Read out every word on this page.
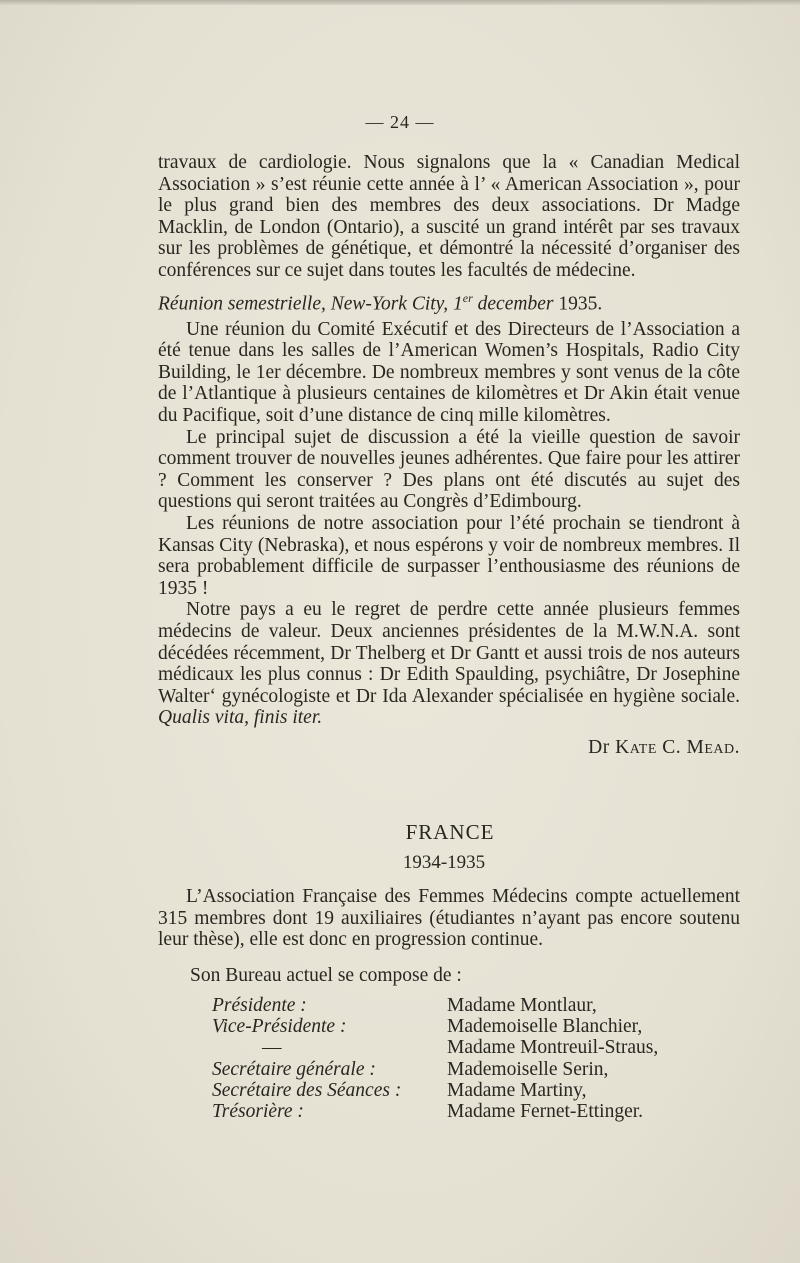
— 24 —

travaux de cardiologie. Nous signalons que la « Canadian Medical Association » s’est réunie cette année à l’ « American Association », pour le plus grand bien des membres des deux associations. Dr Madge Macklin, de London (Ontario), a suscité un grand intérêt par ses travaux sur les problèmes de génétique, et démontré la nécessité d’organiser des conférences sur ce sujet dans toutes les facultés de médecine.

Réunion semestrielle, New-York City, 1er december 1935.

Une réunion du Comité Exécutif et des Directeurs de l’Association a été tenue dans les salles de l’American Women’s Hospitals, Radio City Building, le 1er décembre. De nombreux membres y sont venus de la côte de l’Atlantique à plusieurs centaines de kilomètres et Dr Akin était venue du Pacifique, soit d’une distance de cinq mille kilomètres.

Le principal sujet de discussion a été la vieille question de savoir comment trouver de nouvelles jeunes adhérentes. Que faire pour les attirer ? Comment les conserver ? Des plans ont été discutés au sujet des questions qui seront traitées au Congrès d’Edimbourg.

Les réunions de notre association pour l’été prochain se tiendront à Kansas City (Nebraska), et nous espérons y voir de nombreux membres. Il sera probablement difficile de surpasser l’enthousiasme des réunions de 1935 !

Notre pays a eu le regret de perdre cette année plusieurs femmes médecins de valeur. Deux anciennes présidentes de la M.W.N.A. sont décédées récemment, Dr Thelberg et Dr Gantt et aussi trois de nos auteurs médicaux les plus connus : Dr Edith Spaulding, psychiâtre, Dr Josephine Walter‘ gynécologiste et Dr Ida Alexander spécialisée en hygiène sociale. Qualis vita, finis iter.

Dr Kate C. Mead.
FRANCE
1934-1935

L’Association Française des Femmes Médecins compte actuellement 315 membres dont 19 auxiliaires (étudiantes n’ayant pas encore soutenu leur thèse), elle est donc en progression continue.

Son Bureau actuel se compose de :
Présidente :	Madame Montlaur,
Vice-Présidente :	Mademoiselle Blanchier,
—	Madame Montreuil-Straus,
Secrétaire générale :	Mademoiselle Serin,
Secrétaire des Séances :	Madame Martiny,
Trésorière :	Madame Fernet-Ettinger.
